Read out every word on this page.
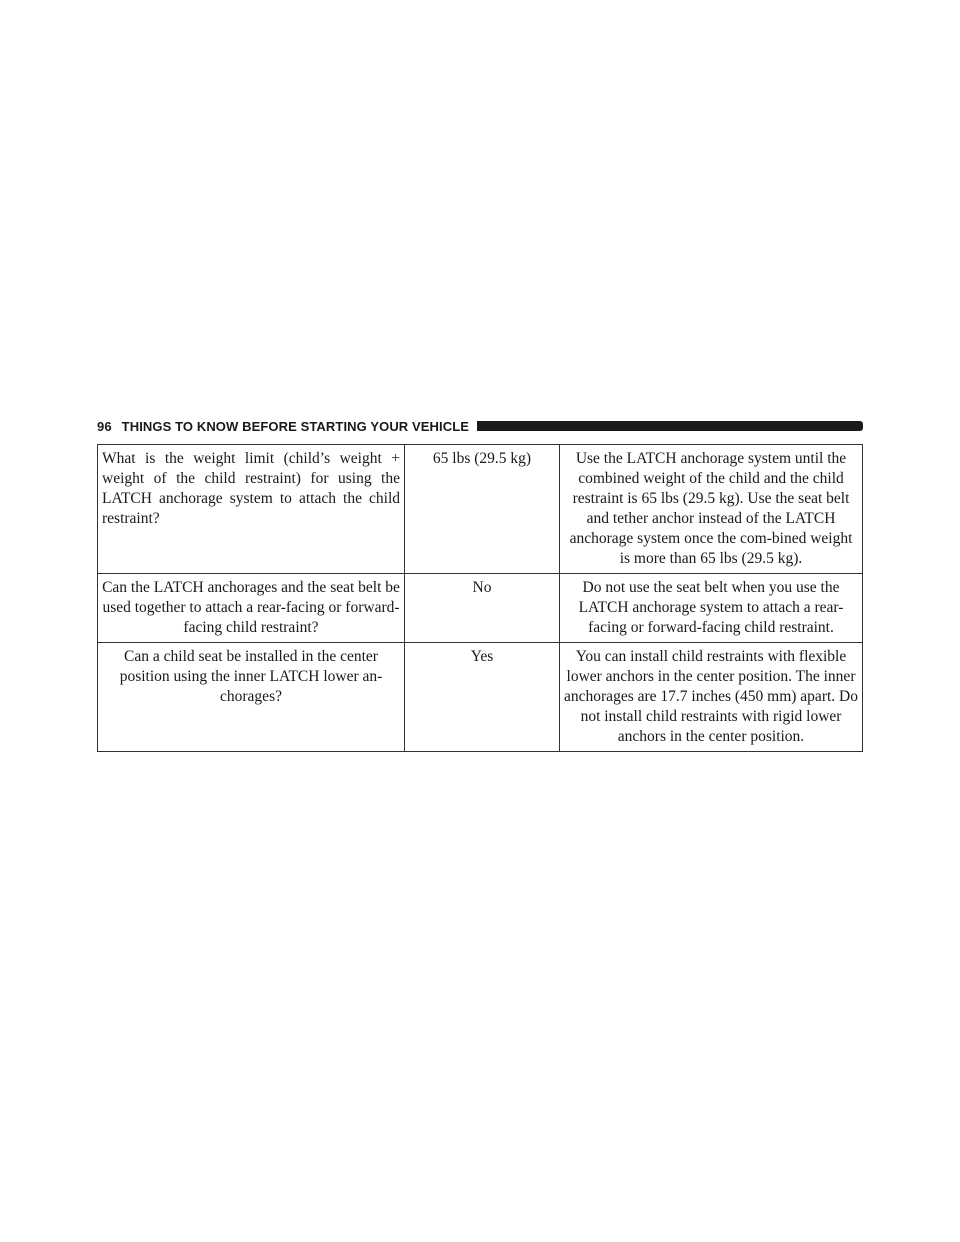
96 THINGS TO KNOW BEFORE STARTING YOUR VEHICLE
What is the weight limit (child’s weight + weight of the child restraint) for using the LATCH anchorage system to attach the child restraint?	65 lbs (29.5 kg)	Use the LATCH anchorage system until the combined weight of the child and the child restraint is 65 lbs (29.5 kg). Use the seat belt and tether anchor instead of the LATCH anchorage system once the com-bined weight is more than 65 lbs (29.5 kg).
Can the LATCH anchorages and the seat belt be used together to attach a rear-facing or forward-facing child restraint?	No	Do not use the seat belt when you use the LATCH anchorage system to attach a rear-facing or forward-facing child restraint.
Can a child seat be installed in the center position using the inner LATCH lower an-chorages?	Yes	You can install child restraints with flexible lower anchors in the center position. The inner anchorages are 17.7 inches (450 mm) apart. Do not install child restraints with rigid lower anchors in the center position.
